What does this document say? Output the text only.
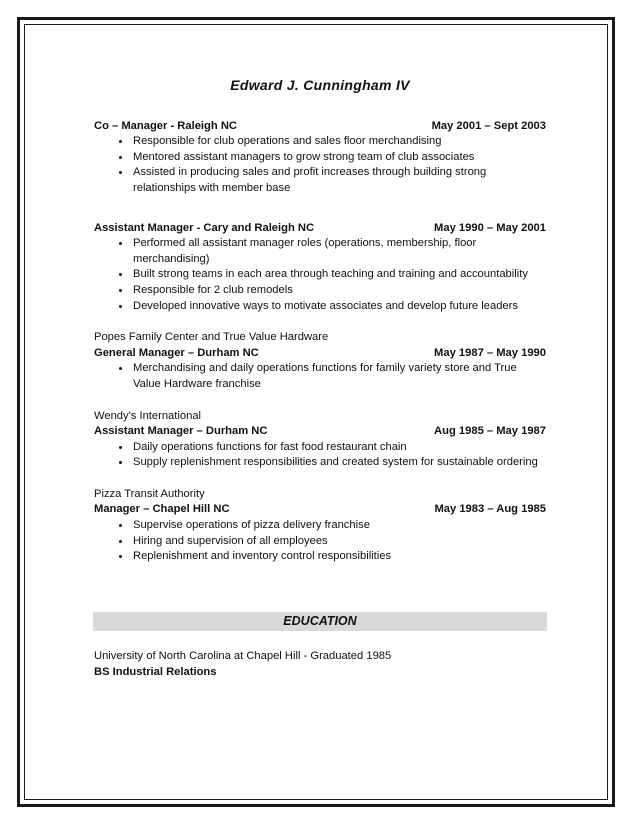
Edward J. Cunningham IV
Co – Manager - Raleigh NC	May 2001 – Sept 2003
• Responsible for club operations and sales floor merchandising
• Mentored assistant managers to grow strong team of club associates
• Assisted in producing sales and profit increases through building strong relationships with member base
Assistant Manager - Cary and Raleigh NC	May 1990 – May 2001
• Performed all assistant manager roles (operations, membership, floor merchandising)
• Built strong teams in each area through teaching and training and accountability
• Responsible for 2 club remodels
• Developed innovative ways to motivate associates and develop future leaders
Popes Family Center and True Value Hardware
General Manager – Durham NC	May 1987 – May 1990
• Merchandising and daily operations functions for family variety store and True Value Hardware franchise
Wendy's International
Assistant Manager – Durham NC	Aug 1985 – May 1987
• Daily operations functions for fast food restaurant chain
• Supply replenishment responsibilities and created system for sustainable ordering
Pizza Transit Authority
Manager – Chapel Hill NC	May 1983 – Aug 1985
• Supervise operations of pizza delivery franchise
• Hiring and supervision of all employees
• Replenishment and inventory control responsibilities
EDUCATION
University of North Carolina at Chapel Hill - Graduated 1985
BS Industrial Relations
